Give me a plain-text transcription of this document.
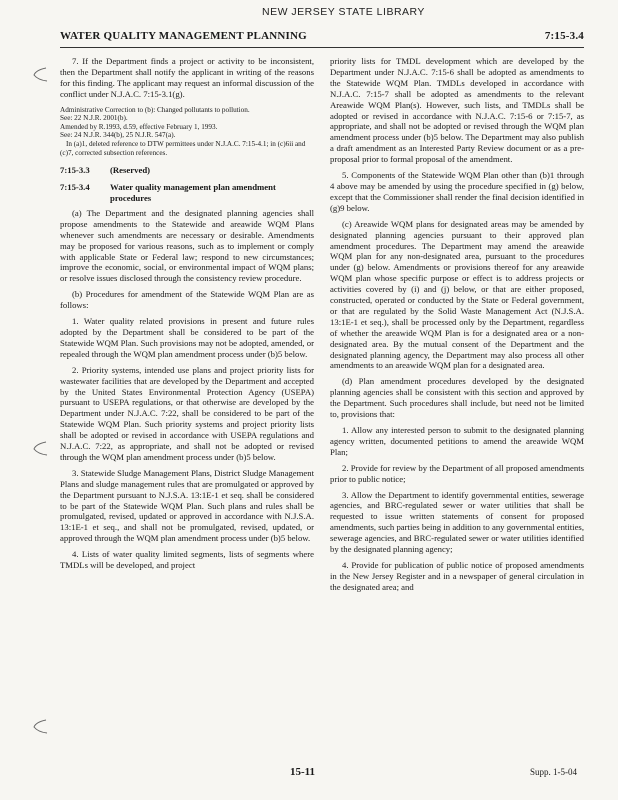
NEW JERSEY STATE LIBRARY
WATER QUALITY MANAGEMENT PLANNING	7:15-3.4

7. If the Department finds a project or activity to be inconsistent, then the Department shall notify the applicant in writing of the reasons for this finding. The applicant may request an informal discussion of the conflict under N.J.A.C. 7:15-3.1(g).

Administrative Correction to (b): Changed pollutants to pollution.

See: 22 N.J.R. 2001(b).

Amended by R.1993, d.59, effective February 1, 1993.

See: 24 N.J.R. 344(b), 25 N.J.R. 547(a).

In (a)1, deleted reference to DTW permittees under N.J.A.C. 7:15-4.1; in (c)6ii and (c)7, corrected subsection references.

7:15-3.3 (Reserved)
7:15-3.4	Water quality management plan amendment procedures

(a) The Department and the designated planning agencies shall propose amendments to the Statewide and areawide WQM Plans whenever such amendments are necessary or desirable. Amendments may be proposed for various reasons, such as to implement or comply with applicable State or Federal law; respond to new circumstances; improve the economic, social, or environmental impact of WQM plans; or resolve issues disclosed through the consistency review procedure.

(b) Procedures for amendment of the Statewide WQM Plan are as follows:

1. Water quality related provisions in present and future rules adopted by the Department shall be considered to be part of the Statewide WQM Plan. Such provisions may not be adopted, amended, or repealed through the WQM plan amendment process under (b)5 below.

2. Priority systems, intended use plans and project priority lists for wastewater facilities that are developed by the Department and accepted by the United States Environmental Protection Agency (USEPA) pursuant to USEPA regulations, or that otherwise are developed by the Department under N.J.A.C. 7:22, shall be considered to be part of the Statewide WQM Plan. Such priority systems and project priority lists shall be adopted or revised in accordance with USEPA regulations and N.J.A.C. 7:22, as appropriate, and shall not be adopted or revised through the WQM plan amendment process under (b)5 below.

3. Statewide Sludge Management Plans, District Sludge Management Plans and sludge management rules that are promulgated or approved by the Department pursuant to N.J.S.A. 13:1E-1 et seq. shall be considered to be part of the Statewide WQM Plan. Such plans and rules shall be promulgated, revised, updated or approved in accordance with N.J.S.A. 13:1E-1 et seq., and shall not be promulgated, revised, updated, or approved through the WQM plan amendment process under (b)5 below.

4. Lists of water quality limited segments, lists of segments where TMDLs will be developed, and project

priority lists for TMDL development which are developed by the Department under N.J.A.C. 7:15-6 shall be adopted as amendments to the Statewide WQM Plan. TMDLs developed in accordance with N.J.A.C. 7:15-7 shall be adopted as amendments to the relevant Areawide WQM Plan(s). However, such lists, and TMDLs shall be adopted or revised in accordance with N.J.A.C. 7:15-6 or 7:15-7, as appropriate, and shall not be adopted or revised through the WQM plan amendment process under (b)5 below. The Department may also publish a draft amendment as an Interested Party Review document or as a pre-proposal prior to formal proposal of the amendment.

5. Components of the Statewide WQM Plan other than (b)1 through 4 above may be amended by using the procedure specified in (g) below, except that the Commissioner shall render the final decision identified in (g)9 below.

(c) Areawide WQM plans for designated areas may be amended by designated planning agencies pursuant to their approved plan amendment procedures. The Department may amend the areawide WQM plan for any non-designated area, pursuant to the procedures under (g) below. Amendments or provisions thereof for any areawide WQM plan whose specific purpose or effect is to address projects or activities covered by (i) and (j) below, or that are either proposed, constructed, operated or conducted by the State or Federal government, or that are regulated by the Solid Waste Management Act (N.J.S.A. 13:1E-1 et seq.), shall be processed only by the Department, regardless of whether the areawide WQM Plan is for a designated area or a non-designated area. By the mutual consent of the Department and the designated planning agency, the Department may also process all other amendments to an areawide WQM plan for a designated area.

(d) Plan amendment procedures developed by the designated planning agencies shall be consistent with this section and approved by the Department. Such procedures shall include, but need not be limited to, provisions that:

1. Allow any interested person to submit to the designated planning agency written, documented petitions to amend the areawide WQM Plan;

2. Provide for review by the Department of all proposed amendments prior to public notice;

3. Allow the Department to identify governmental entities, sewerage agencies, and BRC-regulated sewer or water utilities that shall be requested to issue written statements of consent for proposed amendments, such parties being in addition to any governmental entities, sewerage agencies, and BRC-regulated sewer or water utilities identified by the designated planning agency;

4. Provide for publication of public notice of proposed amendments in the New Jersey Register and in a newspaper of general circulation in the designated area; and

15-11	Supp. 1-5-04
